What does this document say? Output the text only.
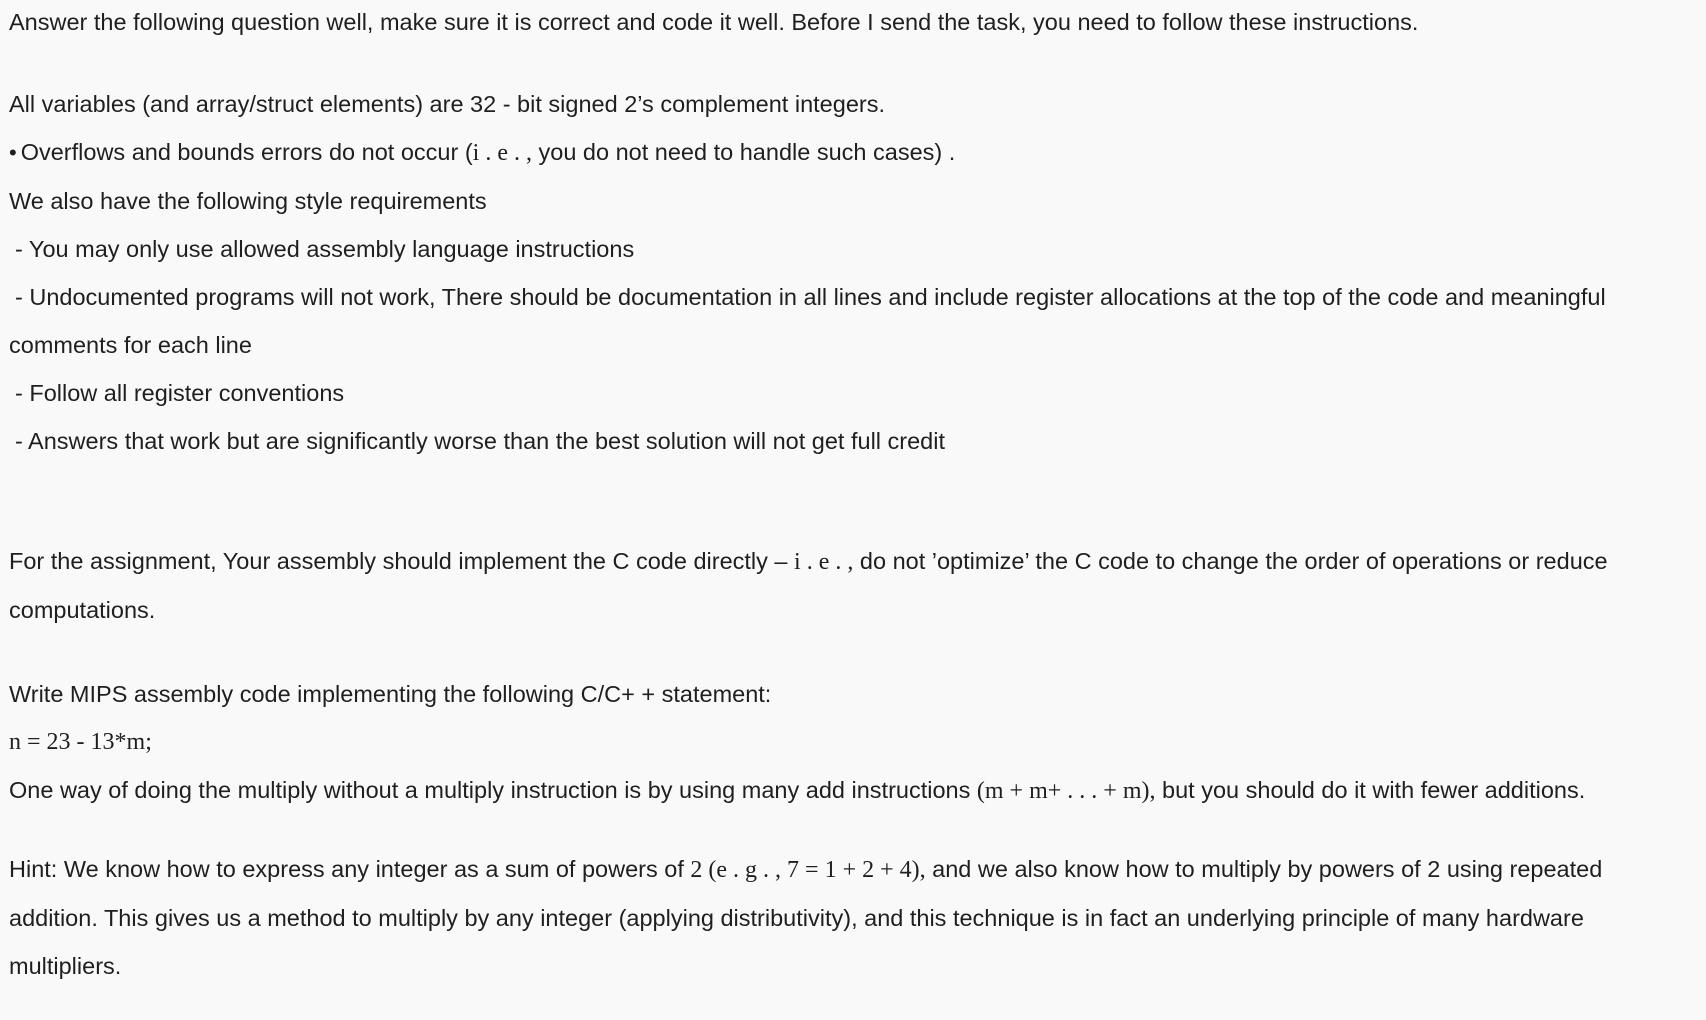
Answer the following question well, make sure it is correct and code it well. Before I send the task, you need to follow these instructions.

All variables (and array/struct elements) are 32 - bit signed 2’s complement integers.

• Overflows and bounds errors do not occur (i . e . , you do not need to handle such cases) .

We also have the following style requirements

- You may only use allowed assembly language instructions

- Undocumented programs will not work, There should be documentation in all lines and include register allocations at the top of the code and meaningful

comments for each line

- Follow all register conventions

- Answers that work but are significantly worse than the best solution will not get full credit

For the assignment, Your assembly should implement the C code directly – i . e . , do not ’optimize’ the C code to change the order of operations or reduce

computations.

Write MIPS assembly code implementing the following C/C+ + statement:

n = 23 - 13*m;

One way of doing the multiply without a multiply instruction is by using many add instructions (m + m+ . . . + m), but you should do it with fewer additions.

Hint: We know how to express any integer as a sum of powers of 2 (e . g . , 7 = 1 + 2 + 4), and we also know how to multiply by powers of 2 using repeated

addition. This gives us a method to multiply by any integer (applying distributivity), and this technique is in fact an underlying principle of many hardware

multipliers.
